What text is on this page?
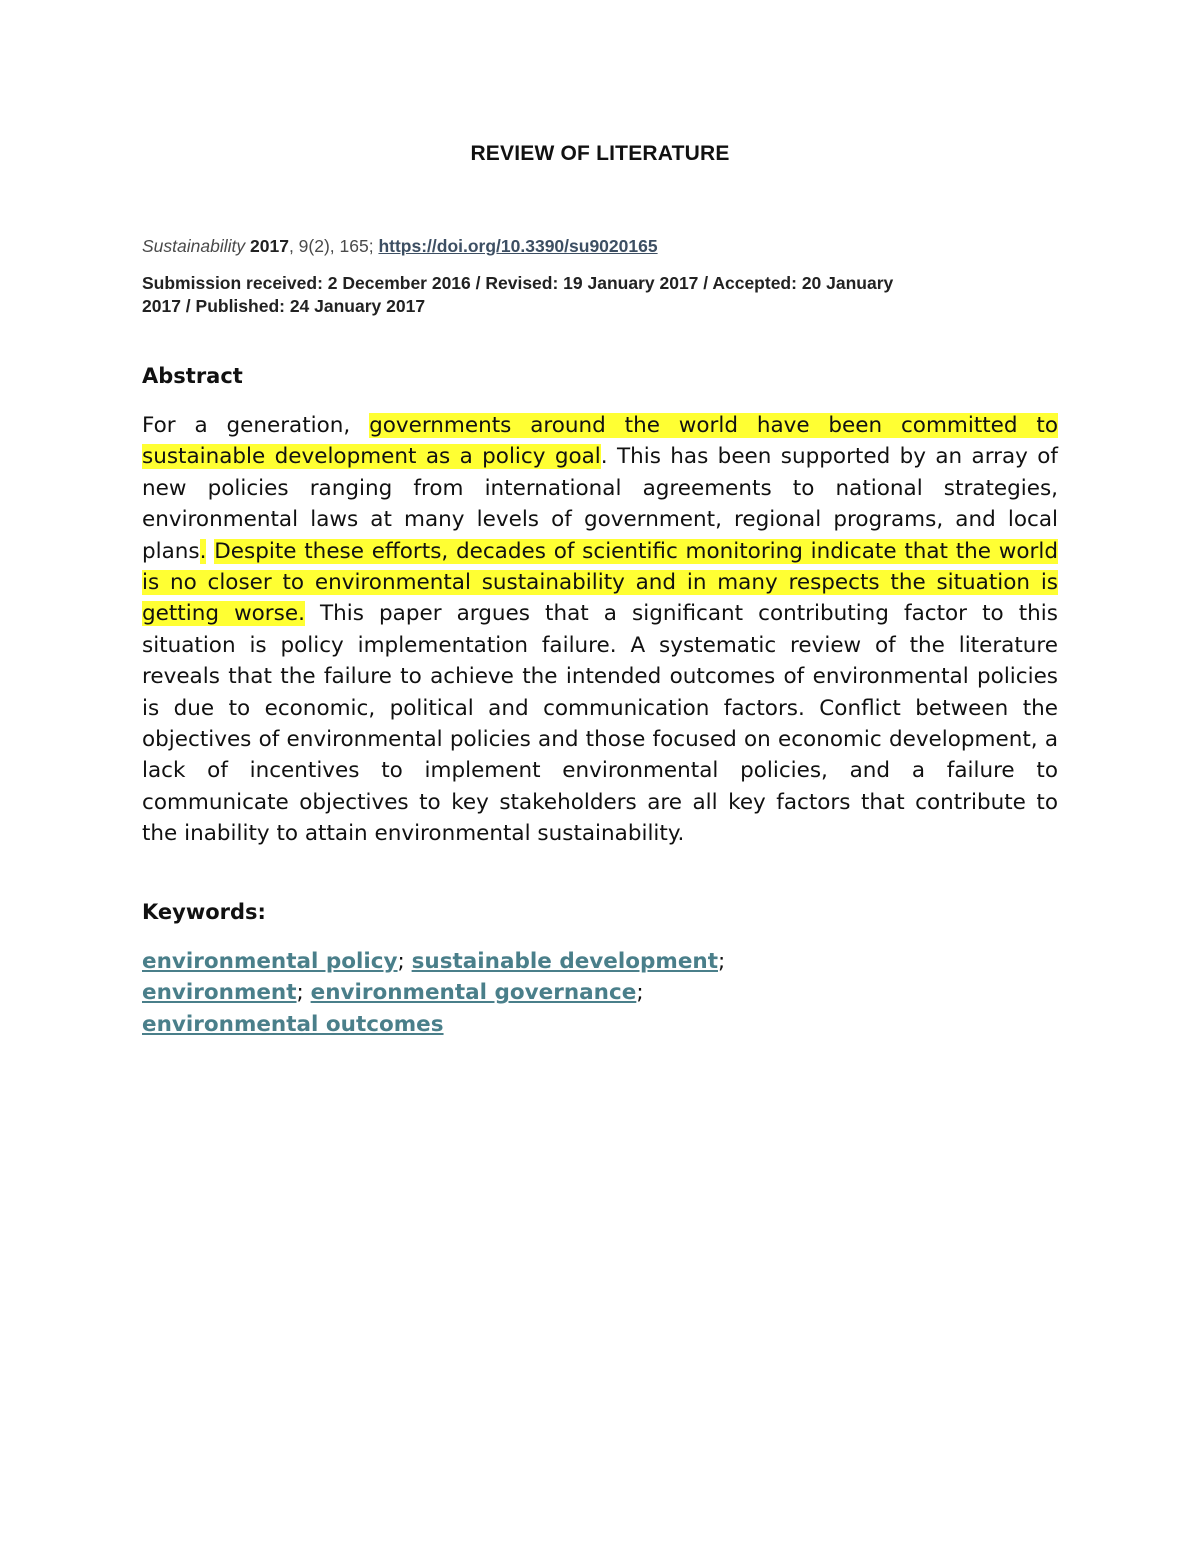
REVIEW OF LITERATURE

Sustainability 2017, 9(2), 165; https://doi.org/10.3390/su9020165

Submission received: 2 December 2016 / Revised: 19 January 2017 / Accepted: 20 January
2017 / Published: 24 January 2017

Abstract

For a generation, governments around the world have been committed to sustainable development as a policy goal. This has been supported by an array of new policies ranging from international agreements to national strategies, environmental laws at many levels of government, regional programs, and local plans. Despite these efforts, decades of scientific monitoring indicate that the world is no closer to environmental sustainability and in many respects the situation is getting worse. This paper argues that a significant contributing factor to this situation is policy implementation failure. A systematic review of the literature reveals that the failure to achieve the intended outcomes of environmental policies is due to economic, political and communication factors. Conflict between the objectives of environmental policies and those focused on economic development, a lack of incentives to implement environmental policies, and a failure to communicate objectives to key stakeholders are all key factors that contribute to the inability to attain environmental sustainability.

Keywords:

environmental policy; sustainable development; environment; environmental governance; environmental outcomes
